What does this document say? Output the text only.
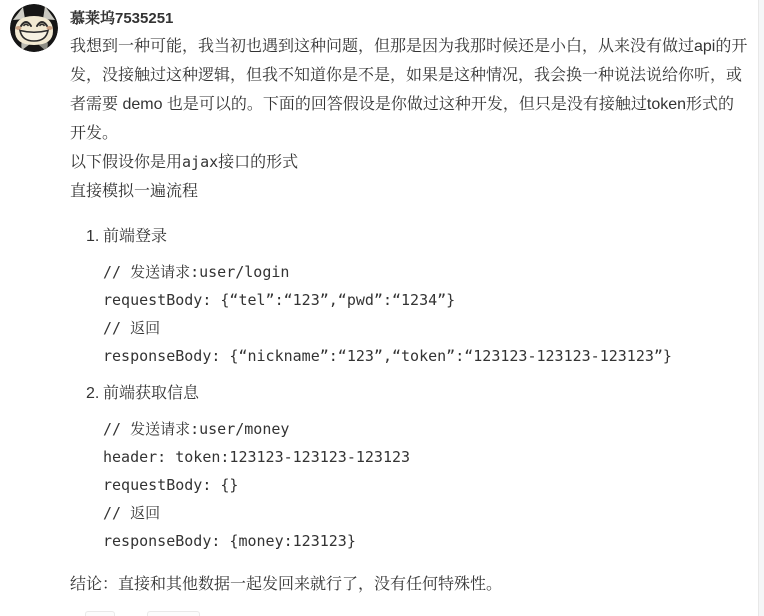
慕莱坞7535251

我想到一种可能，我当初也遇到这种问题，但那是因为我那时候还是小白，从来没有做过api的开发，没接触过这种逻辑，但我不知道你是不是，如果是这种情况，我会换一种说法说给你听，或者需要 demo 也是可以的。下面的回答假设是你做过这种开发，但只是没有接触过token形式的开发。

以下假设你是用ajax接口的形式

直接模拟一遍流程

1. 前端登录
// 发送请求:user/login
requestBody: {“tel”:“123”,“pwd”:“1234”}
// 返回
responseBody: {“nickname”:“123”,“token”:“123123-123123-123123”}
2. 前端获取信息
// 发送请求:user/money
header: token:123123-123123-123123
requestBody: {}
// 返回
responseBody: {money:123123}

结论：直接和其他数据一起发回来就行了，没有任何特殊性。
